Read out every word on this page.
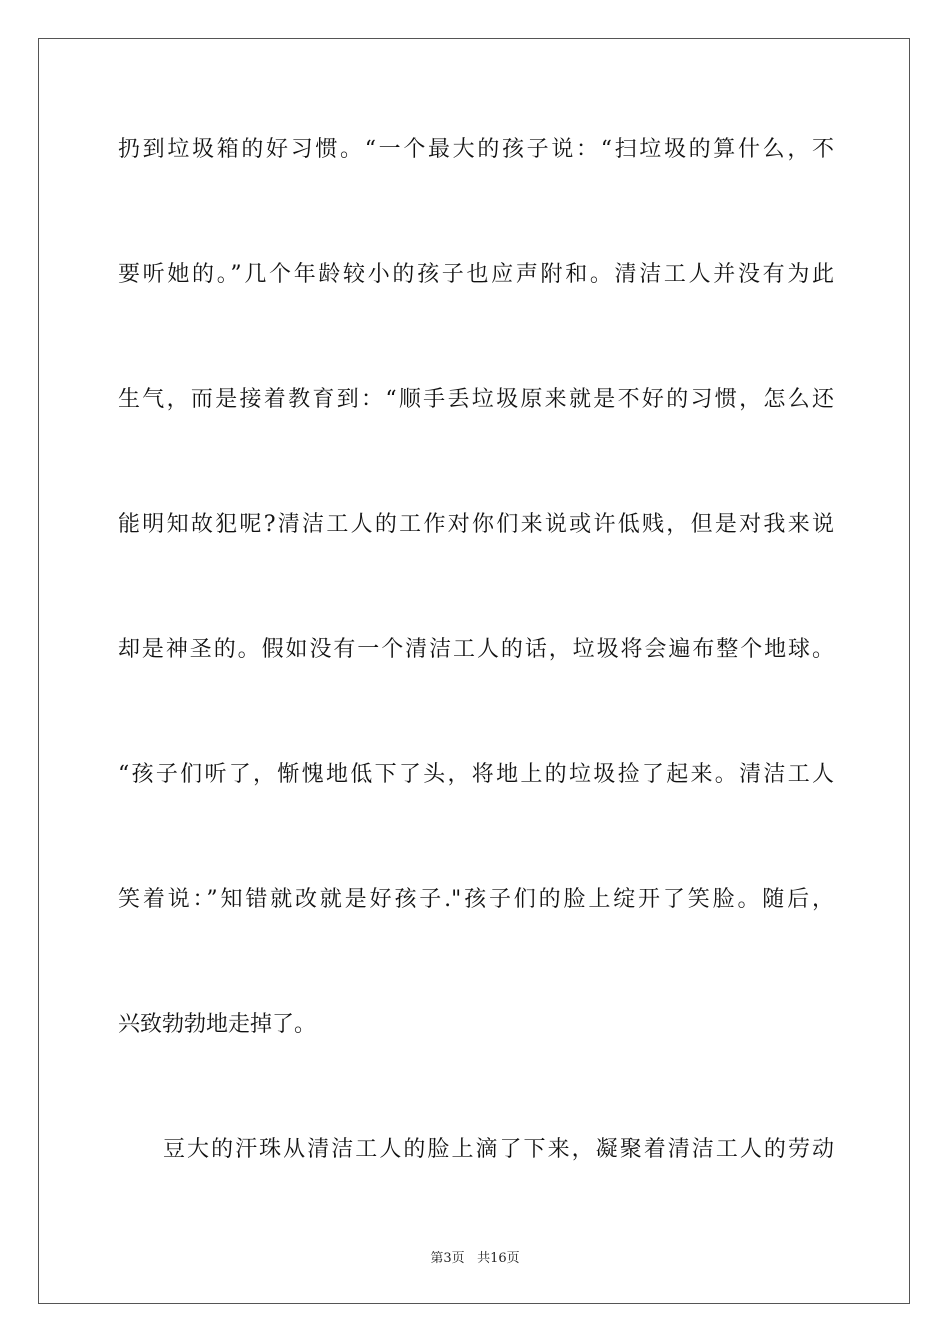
扔到垃圾箱的好习惯。“一个最大的孩子说：“扫垃圾的算什么，不
要听她的。”几个年龄较小的孩子也应声附和。清洁工人并没有为此
生气，而是接着教育到：“顺手丢垃圾原来就是不好的习惯，怎么还
能明知故犯呢?清洁工人的工作对你们来说或许低贱，但是对我来说
却是神圣的。假如没有一个清洁工人的话，垃圾将会遍布整个地球。
“孩子们听了，惭愧地低下了头，将地上的垃圾捡了起来。清洁工人
笑着说：”知错就改就是好孩子."孩子们的脸上绽开了笑脸。随后，
兴致勃勃地走掉了。
豆大的汗珠从清洁工人的脸上滴了下来，凝聚着清洁工人的劳动
第3页 共16页
